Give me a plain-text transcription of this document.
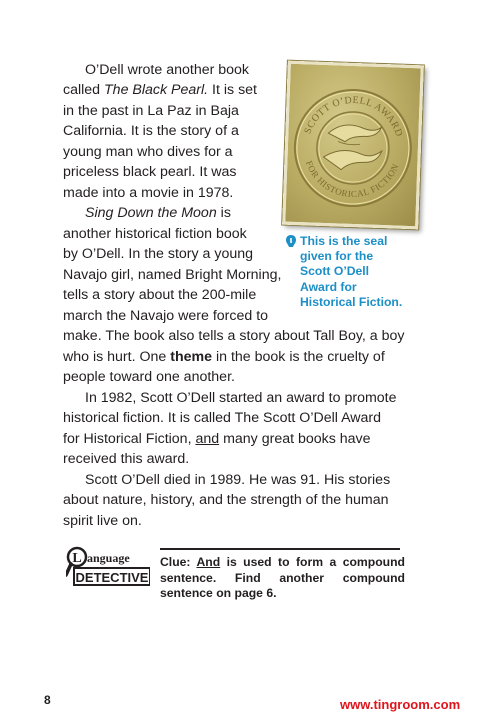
O’Dell wrote another book
called The Black Pearl. It is set
in the past in La Paz in Baja
California. It is the story of a
young man who dives for a
priceless black pearl. It was
made into a movie in 1978.
Sing Down the Moon is
another historical fiction book
by O’Dell. In the story a young
Navajo girl, named Bright Morning,
tells a story about the 200-mile
march the Navajo were forced to
make. The book also tells a story about Tall Boy, a boy
who is hurt. One theme in the book is the cruelty of
people toward one another.
In 1982, Scott O’Dell started an award to promote
historical fiction. It is called The Scott O’Dell Award
for Historical Fiction, and many great books have
received this award.
Scott O’Dell died in 1989. He was 91. His stories
about nature, history, and the strength of the human
spirit live on.
SCOTT O’DELL AWARD
FOR HISTORICAL FICTION
This is the seal
given for the
Scott O’Dell
Award for
Historical Fiction.
L anguage
DETECTIVE
Clue: And is used to form a compound sentence. Find another compound sentence on page 6.
8	www.tingroom.com
